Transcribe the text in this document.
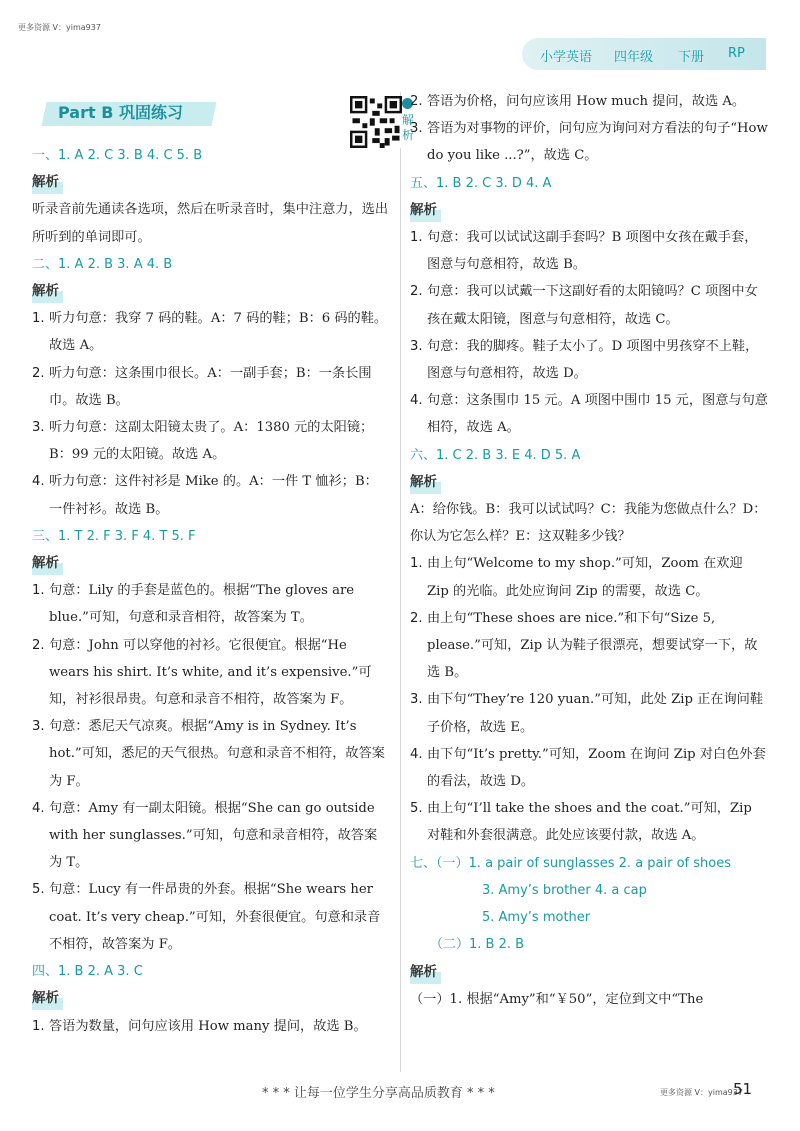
更多资源 V：yima937
小学英语 四年级 下册 RP
Part B 巩固练习	解析

一、1. A 2. C 3. B 4. C 5. B

解析

听录音前先通读各选项，然后在听录音时，集中注意力，选出所听到的单词即可。

二、1. A 2. B 3. A 4. B

解析

1. 听力句意：我穿 7 码的鞋。A：7 码的鞋；B：6 码的鞋。故选 A。

2. 听力句意：这条围巾很长。A：一副手套；B：一条长围巾。故选 B。

3. 听力句意：这副太阳镜太贵了。A：1380 元的太阳镜；B：99 元的太阳镜。故选 A。

4. 听力句意：这件衬衫是 Mike 的。A：一件 T 恤衫；B：一件衬衫。故选 B。

三、1. T 2. F 3. F 4. T 5. F

解析

1. 句意：Lily 的手套是蓝色的。根据“The gloves are blue.”可知，句意和录音相符，故答案为 T。

2. 句意：John 可以穿他的衬衫。它很便宜。根据“He wears his shirt. It’s white, and it’s expensive.”可知，衬衫很昂贵。句意和录音不相符，故答案为 F。

3. 句意：悉尼天气凉爽。根据“Amy is in Sydney. It’s hot.”可知，悉尼的天气很热。句意和录音不相符，故答案为 F。

4. 句意：Amy 有一副太阳镜。根据“She can go outside with her sunglasses.”可知，句意和录音相符，故答案为 T。

5. 句意：Lucy 有一件昂贵的外套。根据“She wears her coat. It’s very cheap.”可知，外套很便宜。句意和录音不相符，故答案为 F。

四、1. B 2. A 3. C

解析

1. 答语为数量，问句应该用 How many 提问，故选 B。

2. 答语为价格，问句应该用 How much 提问，故选 A。

3. 答语为对事物的评价，问句应为询问对方看法的句子“How do you like ...?”，故选 C。

五、1. B 2. C 3. D 4. A

解析

1. 句意：我可以试试这副手套吗？B 项图中女孩在戴手套，图意与句意相符，故选 B。

2. 句意：我可以试戴一下这副好看的太阳镜吗？C 项图中女孩在戴太阳镜，图意与句意相符，故选 C。

3. 句意：我的脚疼。鞋子太小了。D 项图中男孩穿不上鞋，图意与句意相符，故选 D。

4. 句意：这条围巾 15 元。A 项图中围巾 15 元，图意与句意相符，故选 A。

六、1. C 2. B 3. E 4. D 5. A

解析

A：给你钱。B：我可以试试吗？C：我能为您做点什么？D：你认为它怎么样？E：这双鞋多少钱？

1. 由上句“Welcome to my shop.”可知，Zoom 在欢迎 Zip 的光临。此处应询问 Zip 的需要，故选 C。

2. 由上句“These shoes are nice.”和下句“Size 5, please.”可知，Zip 认为鞋子很漂亮，想要试穿一下，故选 B。

3. 由下句“They’re 120 yuan.”可知，此处 Zip 正在询问鞋子价格，故选 E。

4. 由下句“It’s pretty.”可知，Zoom 在询问 Zip 对白色外套的看法，故选 D。

5. 由上句“I’ll take the shoes and the coat.”可知，Zip 对鞋和外套很满意。此处应该要付款，故选 A。

七、（一）1. a pair of sunglasses 2. a pair of shoes

3. Amy’s brother 4. a cap

5. Amy’s mother

（二）1. B 2. B

解析

（一）1. 根据“Amy”和“￥50”，定位到文中“The

* * * 让每一位学生分享高品质教育 * * *	更多资源 V：yima937
51
